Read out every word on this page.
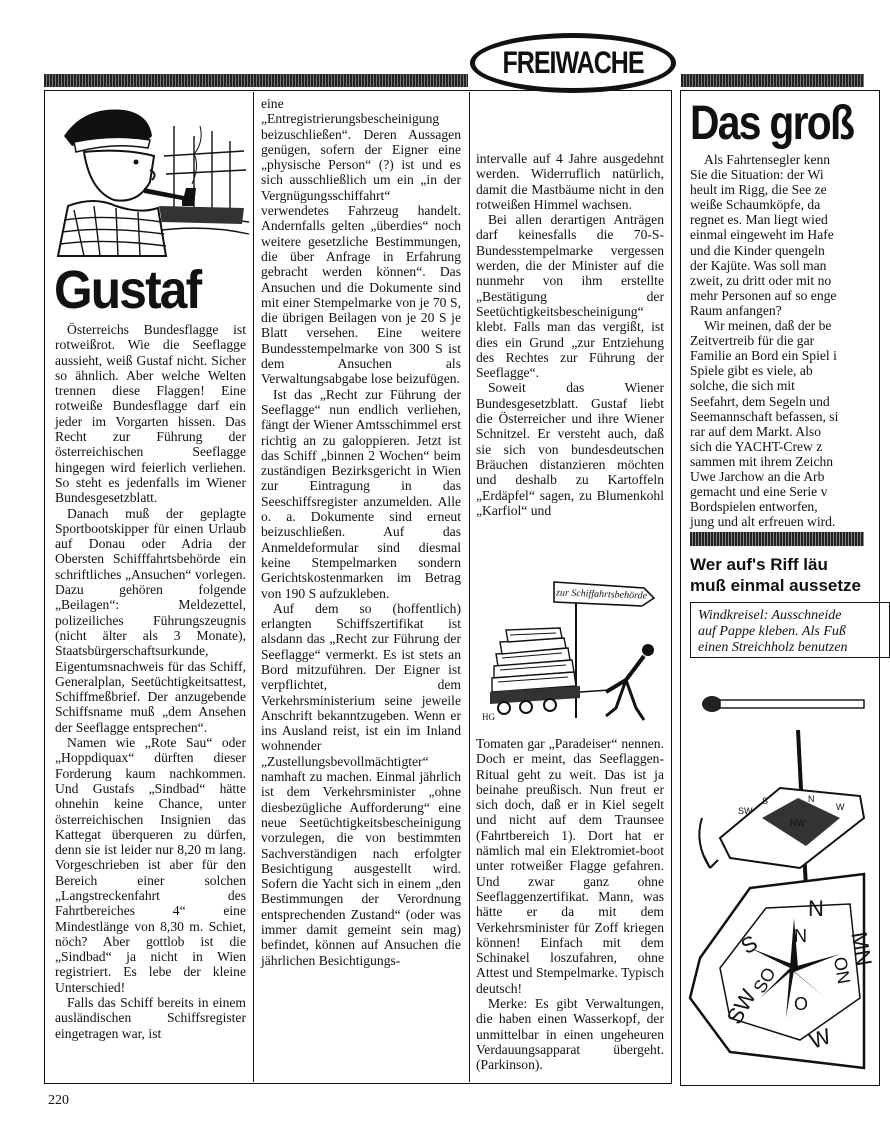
FREIWACHE
Gustaf

Österreichs Bundesflagge ist rotweißrot. Wie die Seeflagge aussieht, weiß Gustaf nicht. Sicher so ähnlich. Aber welche Welten trennen diese Flaggen! Eine rotweiße Bundesflagge darf ein jeder im Vorgarten hissen. Das Recht zur Führung der österreichischen Seeflagge hingegen wird feierlich verliehen. So steht es jedenfalls im Wiener Bundesgesetzblatt.

Danach muß der geplagte Sportbootskipper für einen Urlaub auf Donau oder Adria der Obersten Schifffahrtsbehörde ein schriftliches „Ansuchen“ vorlegen. Dazu gehören folgende „Beilagen“: Meldezettel, polizeiliches Führungszeugnis (nicht älter als 3 Monate), Staatsbürgerschaftsurkunde, Eigentumsnachweis für das Schiff, Generalplan, Seetüchtigkeitsattest, Schiffmeßbrief. Der anzugebende Schiffsname muß „dem Ansehen der Seeflagge entsprechen“.

Namen wie „Rote Sau“ oder „Hoppdiquax“ dürften dieser Forderung kaum nachkommen. Und Gustafs „Sindbad“ hätte ohnehin keine Chance, unter österreichischen Insignien das Kattegat überqueren zu dürfen, denn sie ist leider nur 8,20 m lang. Vorgeschrieben ist aber für den Bereich einer solchen „Langstreckenfahrt des Fahrtbereiches 4“ eine Mindestlänge von 8,30 m. Schiet, nöch? Aber gottlob ist die „Sindbad“ ja nicht in Wien registriert. Es lebe der kleine Unterschied!

Falls das Schiff bereits in einem ausländischen Schiffsregister eingetragen war, ist

eine „Entregistrierungsbescheinigung beizuschließen“. Deren Aussagen genügen, sofern der Eigner eine „physische Person“ (?) ist und es sich ausschließlich um ein „in der Vergnügungsschiffahrt“ verwendetes Fahrzeug handelt. Andernfalls gelten „überdies“ noch weitere gesetzliche Bestimmungen, die über Anfrage in Erfahrung gebracht werden können“. Das Ansuchen und die Dokumente sind mit einer Stempelmarke von je 70 S, die übrigen Beilagen von je 20 S je Blatt versehen. Eine weitere Bundesstempelmarke von 300 S ist dem Ansuchen als Verwaltungsabgabe lose beizufügen.

Ist das „Recht zur Führung der Seeflagge“ nun endlich verliehen, fängt der Wiener Amtsschimmel erst richtig an zu galoppieren. Jetzt ist das Schiff „binnen 2 Wochen“ beim zuständigen Bezirksgericht in Wien zur Eintragung in das Seeschiffsregister anzumelden. Alle o. a. Dokumente sind erneut beizuschließen. Auf das Anmeldeformular sind diesmal keine Stempelmarken sondern Gerichtskostenmarken im Betrag von 190 S aufzukleben.

Auf dem so (hoffentlich) erlangten Schiffszertifikat ist alsdann das „Recht zur Führung der Seeflagge“ vermerkt. Es ist stets an Bord mitzuführen. Der Eigner ist verpflichtet, dem Verkehrsministerium seine jeweile Anschrift bekanntzugeben. Wenn er ins Ausland reist, ist ein im Inland wohnender „Zustellungsbevollmächtigter“ namhaft zu machen. Einmal jährlich ist dem Verkehrsminister „ohne diesbezügliche Aufforderung“ eine neue Seetüchtigkeitsbescheinigung vorzulegen, die von bestimmten Sachverständigen nach erfolgter Besichtigung ausgestellt wird. Sofern die Yacht sich in einem „den Bestimmungen der Verordnung entsprechenden Zustand“ (oder was immer damit gemeint sein mag) befindet, können auf Ansuchen die jährlichen Besichtigungs-

intervalle auf 4 Jahre ausgedehnt werden. Widerruflich natürlich, damit die Mastbäume nicht in den rotweißen Himmel wachsen.

Bei allen derartigen Anträgen darf keinesfalls die 70-S-Bundesstempelmarke vergessen werden, die der Minister auf die nunmehr von ihm erstellte „Bestätigung der Seetüchtigkeitsbescheinigung“ klebt. Falls man das vergißt, ist dies ein Grund „zur Entziehung des Rechtes zur Führung der Seeflagge“.

Soweit das Wiener Bundesgesetzblatt. Gustaf liebt die Österreicher und ihre Wiener Schnitzel. Er versteht auch, daß sie sich von bundesdeutschen Bräuchen distanzieren möchten und deshalb zu Kartoffeln „Erdäpfel“ sagen, zu Blumenkohl „Karfiol“ und

HG
zur Schiffahrtsbehörde

Tomaten gar „Paradeiser“ nennen. Doch er meint, das Seeflaggen-Ritual geht zu weit. Das ist ja beinahe preußisch. Nun freut er sich doch, daß er in Kiel segelt und nicht auf dem Traunsee (Fahrtbereich 1). Dort hat er nämlich mal ein Elektromiet-boot unter rotweißer Flagge gefahren. Und zwar ganz ohne Seeflaggenzertifikat. Mann, was hätte er da mit dem Verkehrsminister für Zoff kriegen können! Einfach mit dem Schinakel loszufahren, ohne Attest und Stempelmarke. Typisch deutsch!

Merke: Es gibt Verwaltungen, die haben einen Wasserkopf, der unmittelbar in einen ungeheuren Verdauungsapparat übergeht. (Parkinson).

Das groß
Als Fahrtensegler kenn
Sie die Situation: der Wi
heult im Rigg, die See ze
weiße Schaumköpfe, da
regnet es. Man liegt wied
einmal eingeweht im Hafe
und die Kinder quengeln
der Kajüte. Was soll man
zweit, zu dritt oder mit no
mehr Personen auf so enge
Raum anfangen?
Wir meinen, daß der be
Zeitvertreib für die gar
Familie an Bord ein Spiel i
Spiele gibt es viele, ab
solche, die sich mit
Seefahrt, dem Segeln und
Seemannschaft befassen, si
rar auf dem Markt. Also
sich die YACHT-Crew z
sammen mit ihrem Zeichn
Uwe Jarchow an die Arb
gemacht und eine Serie v
Bordspielen entworfen,
jung und alt erfreuen wird.
Wer auf's Riff läu
muß einmal aussetze
Windkreisel: Ausschneide
auf Pappe kleben. Als Fuß
einen Streichholz benutzen
N
S N
O
W
SW
SO	ON
MN
SW
S	N
W
NW
220
